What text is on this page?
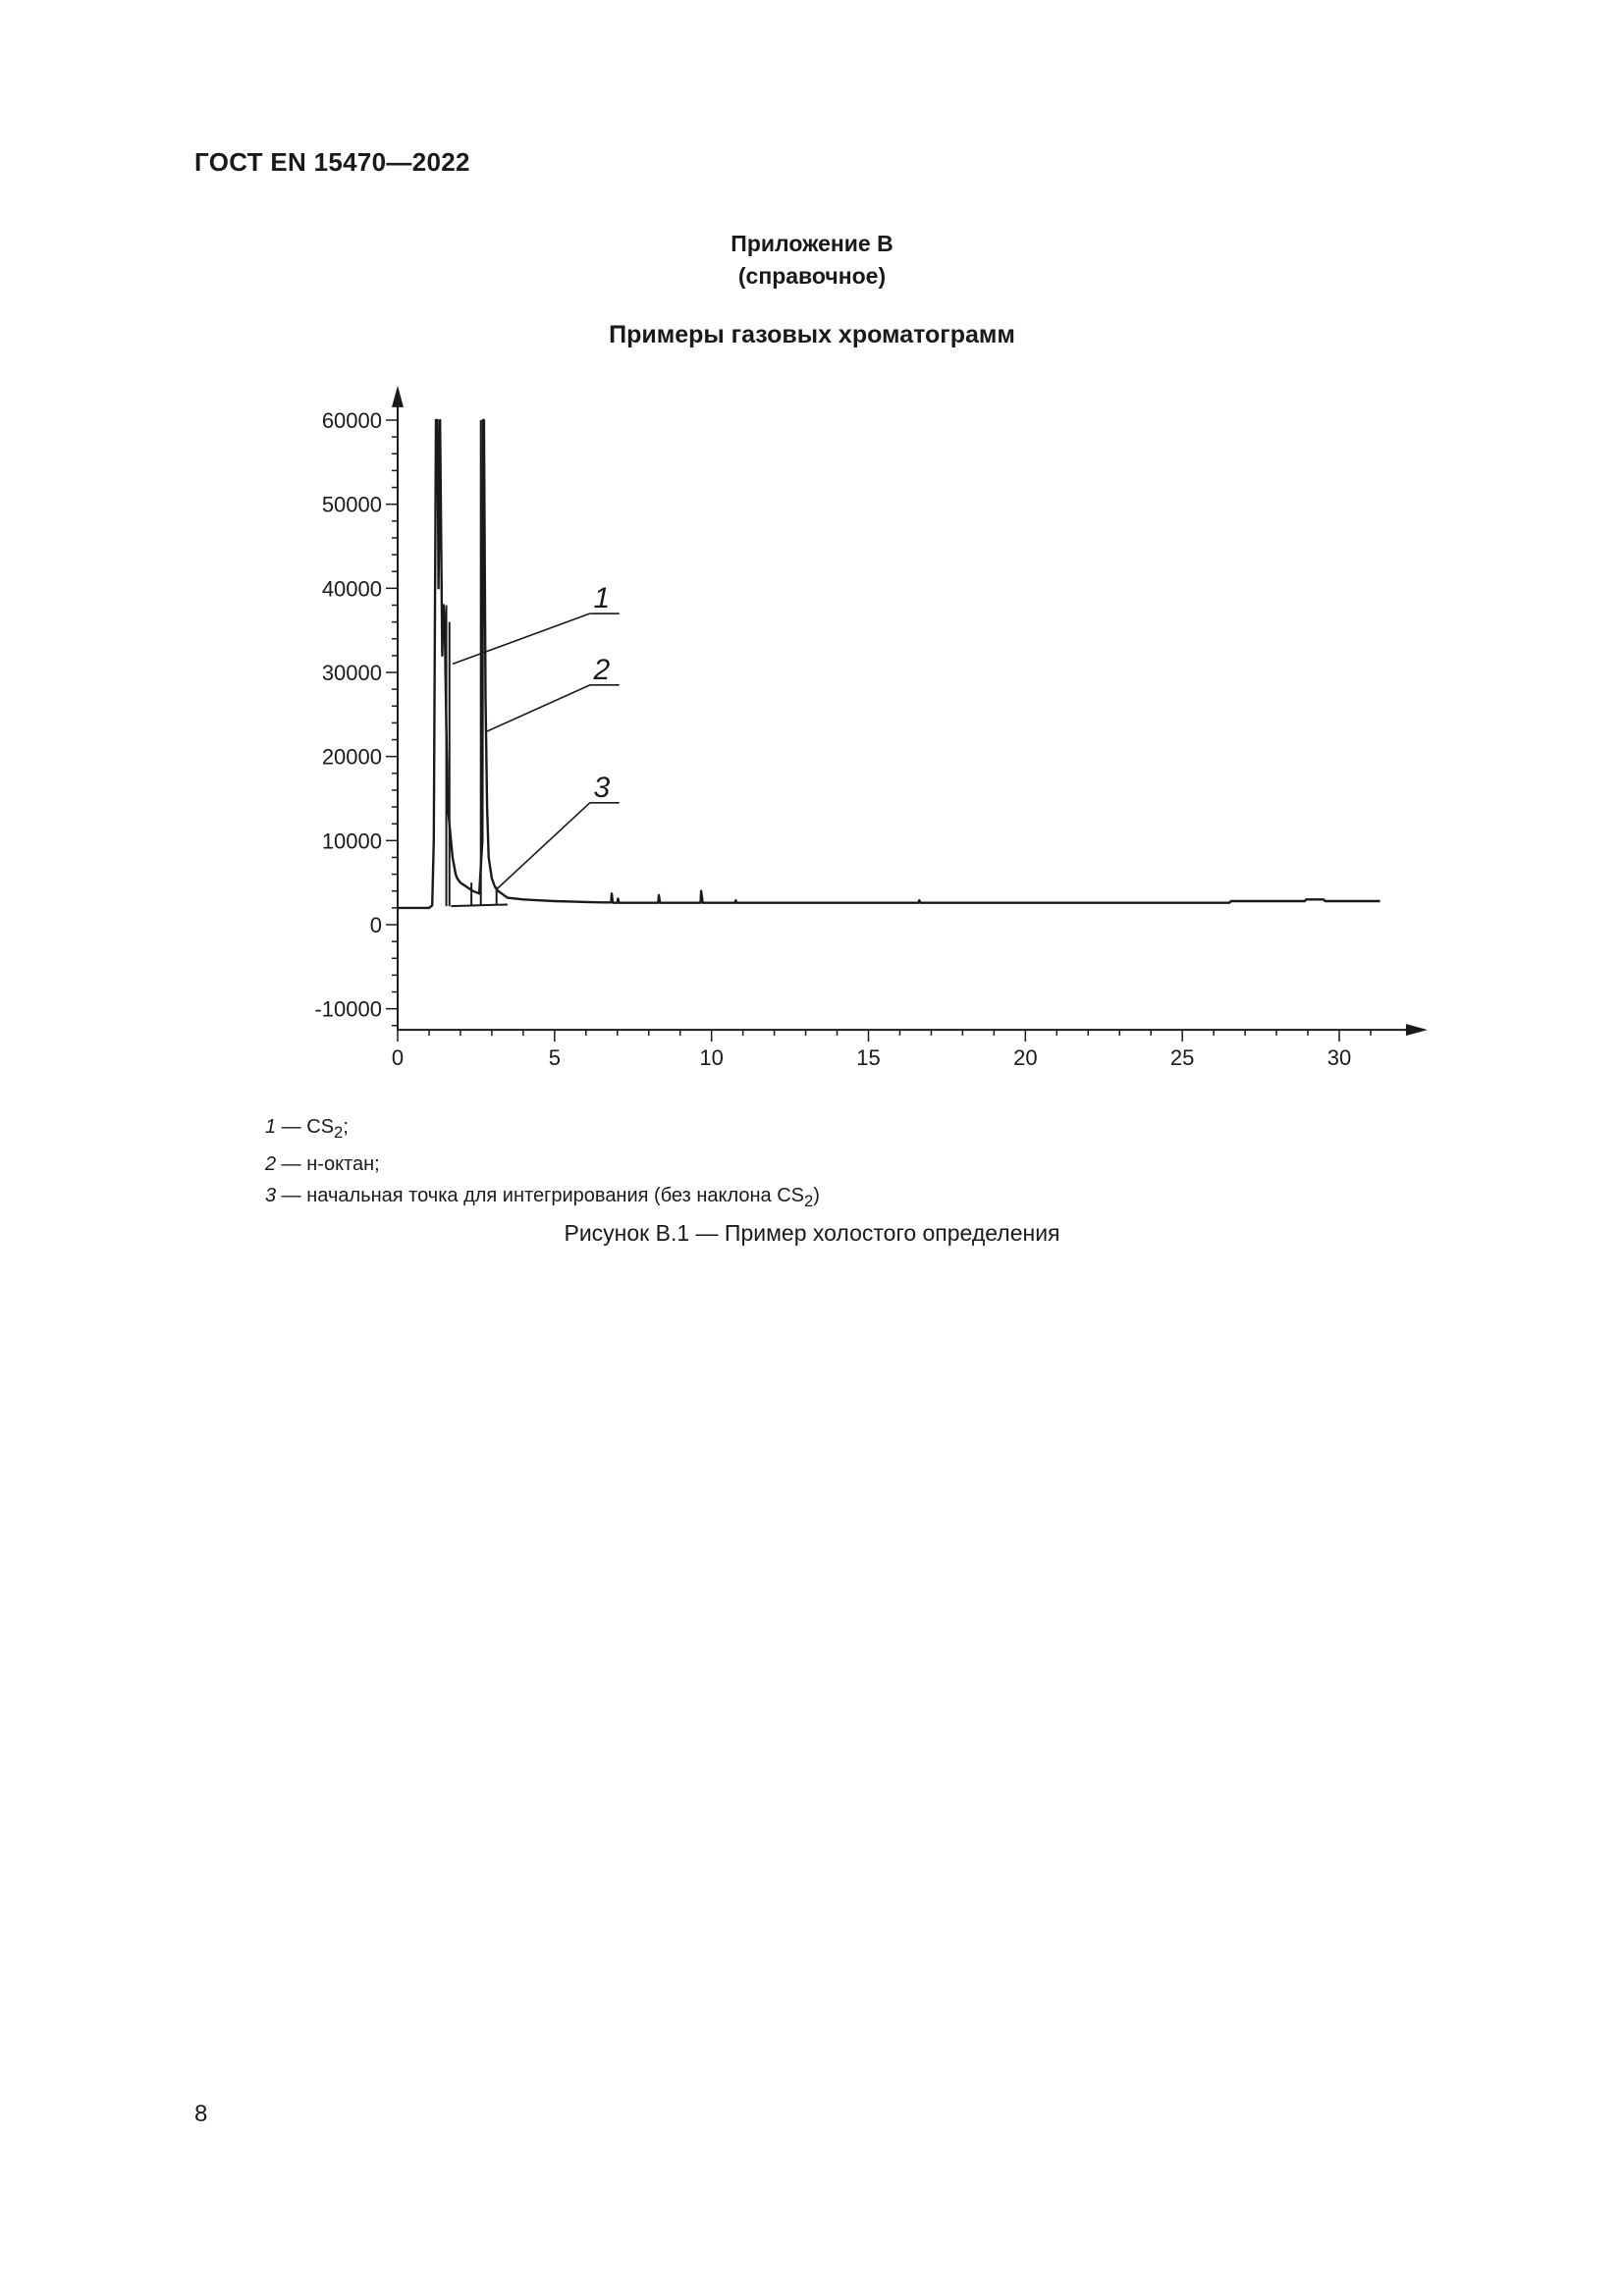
ГОСТ EN 15470—2022
Приложение В
(справочное)
Примеры газовых хроматограмм
-10000
0
10000
20000
30000
40000
50000
60000
0	5	10	15	20	25	30
1
2
3
1 — $CS_2$;
2 — н-октан;
3 — начальная точка для интегрирования (без наклона $CS_2$)
Рисунок В.1 — Пример холостого определения
8
